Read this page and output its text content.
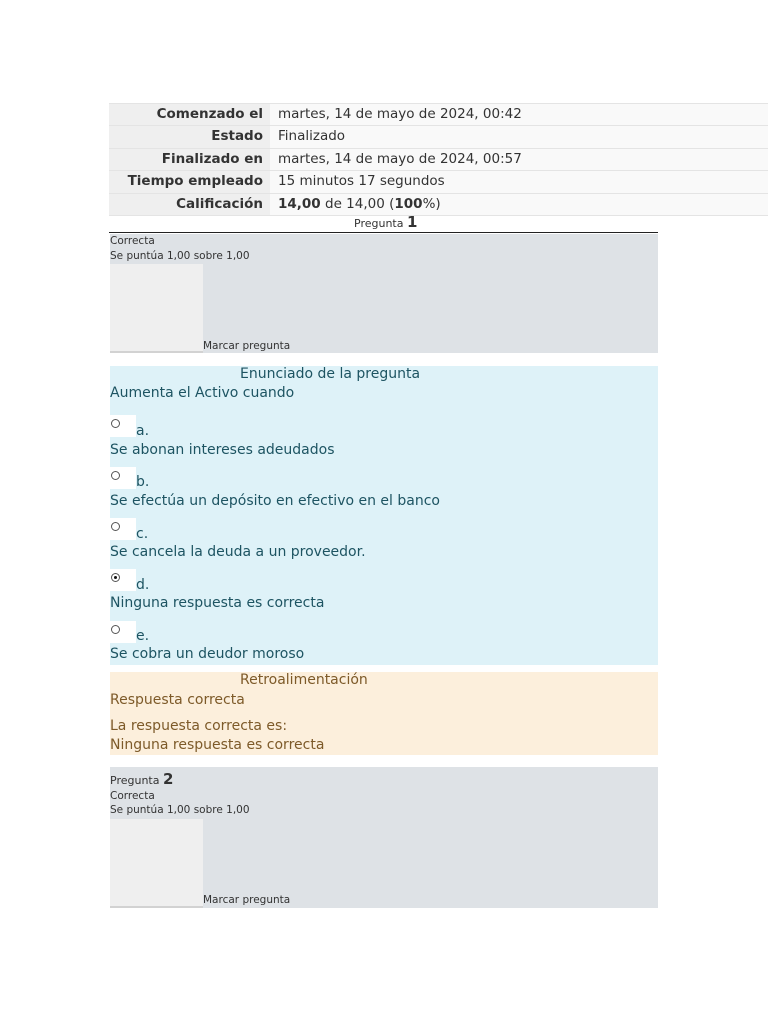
Comenzado el	martes, 14 de mayo de 2024, 00:42
Estado	Finalizado
Finalizado en	martes, 14 de mayo de 2024, 00:57
Tiempo empleado	15 minutos 17 segundos
Calificación	14,00 de 14,00 (100%)
Pregunta 1
Correcta
Se puntúa 1,00 sobre 1,00
Marcar pregunta
Enunciado de la pregunta
Aumenta el Activo cuando
a.
Se abonan intereses adeudados
b.
Se efectúa un depósito en efectivo en el banco
c.
Se cancela la deuda a un proveedor.
d.
Ninguna respuesta es correcta
e.
Se cobra un deudor moroso
Retroalimentación
Respuesta correcta
La respuesta correcta es:
Ninguna respuesta es correcta
Pregunta 2
Correcta
Se puntúa 1,00 sobre 1,00
Marcar pregunta
